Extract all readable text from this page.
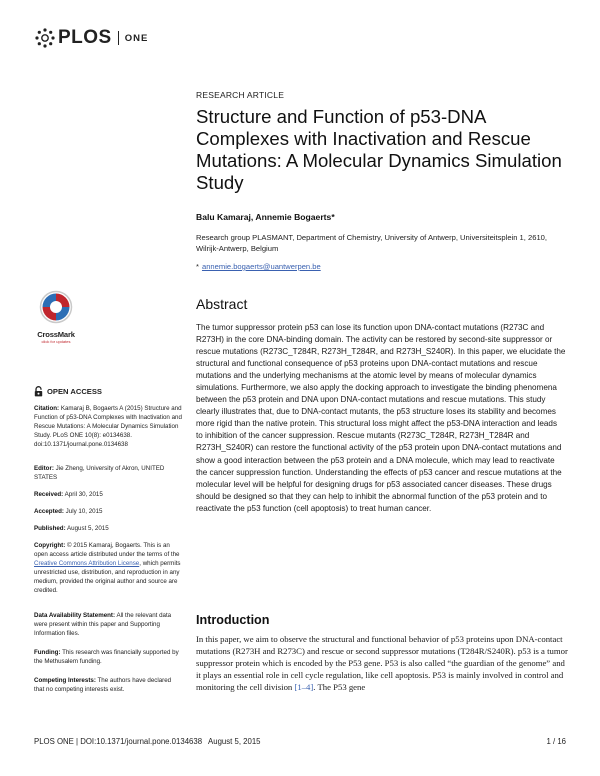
PLOS ONE
RESEARCH ARTICLE
Structure and Function of p53-DNA Complexes with Inactivation and Rescue Mutations: A Molecular Dynamics Simulation Study
Balu Kamaraj, Annemie Bogaerts*
Research group PLASMANT, Department of Chemistry, University of Antwerp, Universiteitsplein 1, 2610, Wilrijk-Antwerp, Belgium
* annemie.bogaerts@uantwerpen.be
Abstract
The tumor suppressor protein p53 can lose its function upon DNA-contact mutations (R273C and R273H) in the core DNA-binding domain. The activity can be restored by second-site suppressor or rescue mutations (R273C_T284R, R273H_T284R, and R273H_S240R). In this paper, we elucidate the structural and functional consequence of p53 proteins upon DNA-contact mutations and rescue mutations and the underlying mechanisms at the atomic level by means of molecular dynamics simulations. Furthermore, we also apply the docking approach to investigate the binding phenomena between the p53 protein and DNA upon DNA-contact mutations and rescue mutations. This study clearly illustrates that, due to DNA-contact mutants, the p53 structure loses its stability and becomes more rigid than the native protein. This structural loss might affect the p53-DNA interaction and leads to inhibition of the cancer suppression. Rescue mutants (R273C_T284R, R273H_T284R and R273H_S240R) can restore the functional activity of the p53 protein upon DNA-contact mutations and show a good interaction between the p53 protein and a DNA molecule, which may lead to reactivate the cancer suppression function. Understanding the effects of p53 cancer and rescue mutations at the molecular level will be helpful for designing drugs for p53 associated cancer diseases. These drugs should be designed so that they can help to inhibit the abnormal function of the p53 protein and to reactivate the p53 function (cell apoptosis) to treat human cancer.
Introduction
In this paper, we aim to observe the structural and functional behavior of p53 proteins upon DNA-contact mutations (R273H and R273C) and rescue or second suppressor mutations (T284R/S240R). p53 is a tumor suppressor protein which is encoded by the P53 gene. P53 is also called “the guardian of the genome” and it plays an essential role in cell cycle regulation, like cell apoptosis. P53 is mainly involved in control and monitoring the cell division [1–4]. The P53 gene
CrossMark
click for updates
OPEN ACCESS
Citation: Kamaraj B, Bogaerts A (2015) Structure and Function of p53-DNA Complexes with Inactivation and Rescue Mutations: A Molecular Dynamics Simulation Study. PLoS ONE 10(8): e0134638. doi:10.1371/journal.pone.0134638
Editor: Jie Zheng, University of Akron, UNITED STATES
Received: April 30, 2015
Accepted: July 10, 2015
Published: August 5, 2015
Copyright: © 2015 Kamaraj, Bogaerts. This is an open access article distributed under the terms of the Creative Commons Attribution License, which permits unrestricted use, distribution, and reproduction in any medium, provided the original author and source are credited.
Data Availability Statement: All the relevant data were present within this paper and Supporting Information files.
Funding: This research was financially supported by the Methusalem funding.
Competing Interests: The authors have declared that no competing interests exist.
PLOS ONE | DOI:10.1371/journal.pone.0134638 August 5, 2015	1 / 16
